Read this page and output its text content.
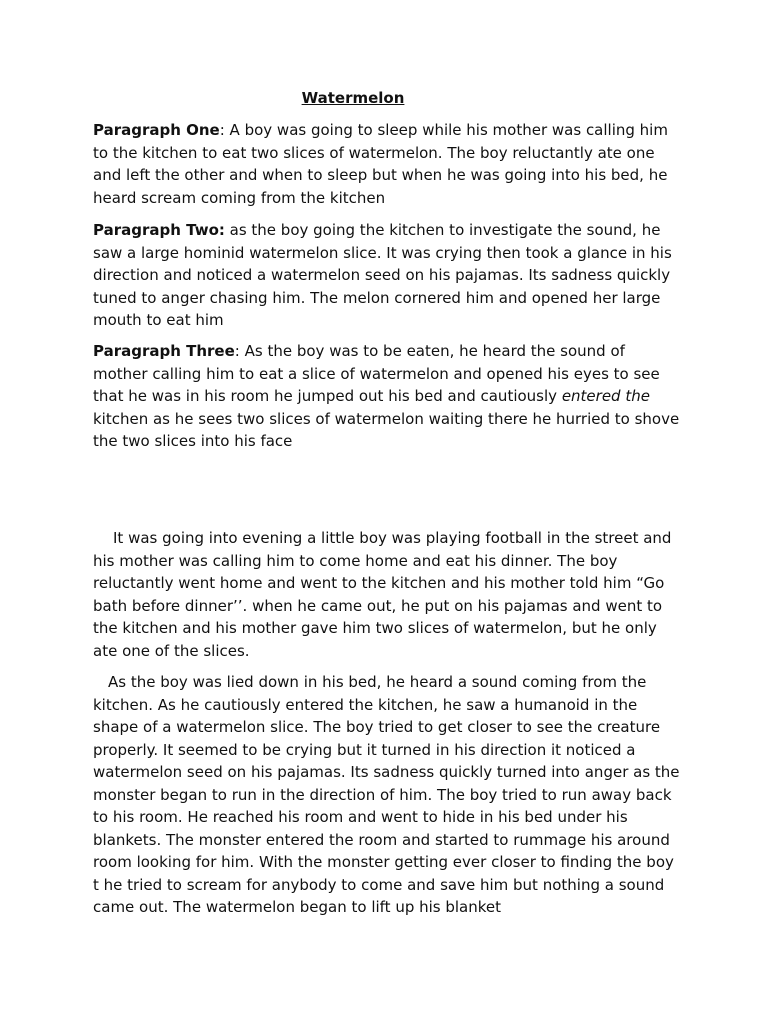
Watermelon

Paragraph One: A boy was going to sleep while his mother was calling him to the kitchen to eat two slices of watermelon. The boy reluctantly ate one and left the other and when to sleep but when he was going into his bed, he heard scream coming from the kitchen

Paragraph Two: as the boy going the kitchen to investigate the sound, he saw a large hominid watermelon slice. It was crying then took a glance in his direction and noticed a watermelon seed on his pajamas. Its sadness quickly tuned to anger chasing him. The melon cornered him and opened her large mouth to eat him

Paragraph Three: As the boy was to be eaten, he heard the sound of mother calling him to eat a slice of watermelon and opened his eyes to see that he was in his room he jumped out his bed and cautiously entered the kitchen as he sees two slices of watermelon waiting there he hurried to shove the two slices into his face

It was going into evening a little boy was playing football in the street and his mother was calling him to come home and eat his dinner. The boy reluctantly went home and went to the kitchen and his mother told him “Go bath before dinner’’. when he came out, he put on his pajamas and went to the kitchen and his mother gave him two slices of watermelon, but he only ate one of the slices.

As the boy was lied down in his bed, he heard a sound coming from the kitchen. As he cautiously entered the kitchen, he saw a humanoid in the shape of a watermelon slice. The boy tried to get closer to see the creature properly. It seemed to be crying but it turned in his direction it noticed a watermelon seed on his pajamas. Its sadness quickly turned into anger as the monster began to run in the direction of him. The boy tried to run away back to his room. He reached his room and went to hide in his bed under his blankets. The monster entered the room and started to rummage his around room looking for him. With the monster getting ever closer to finding the boy t he tried to scream for anybody to come and save him but nothing a sound came out. The watermelon began to lift up his blanket
